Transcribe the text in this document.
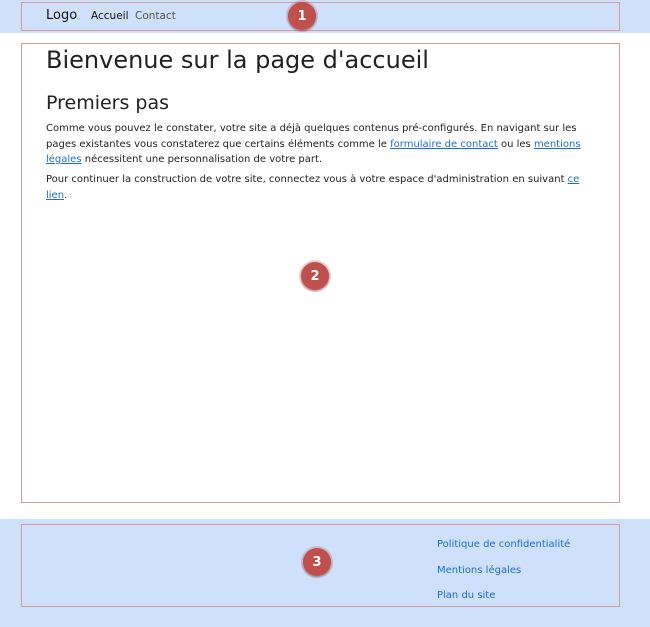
Logo Accueil Contact
Bienvenue sur la page d'accueil
Premiers pas

Comme vous pouvez le constater, votre site a déjà quelques contenus pré-configurés. En navigant sur les pages existantes vous constaterez que certains éléments comme le formulaire de contact ou les mentions légales nécessitent une personnalisation de votre part.

Pour continuer la construction de votre site, connectez vous à votre espace d'administration en suivant ce lien.

Politique de confidentialité
Mentions légales
Plan du site
1
2
3
